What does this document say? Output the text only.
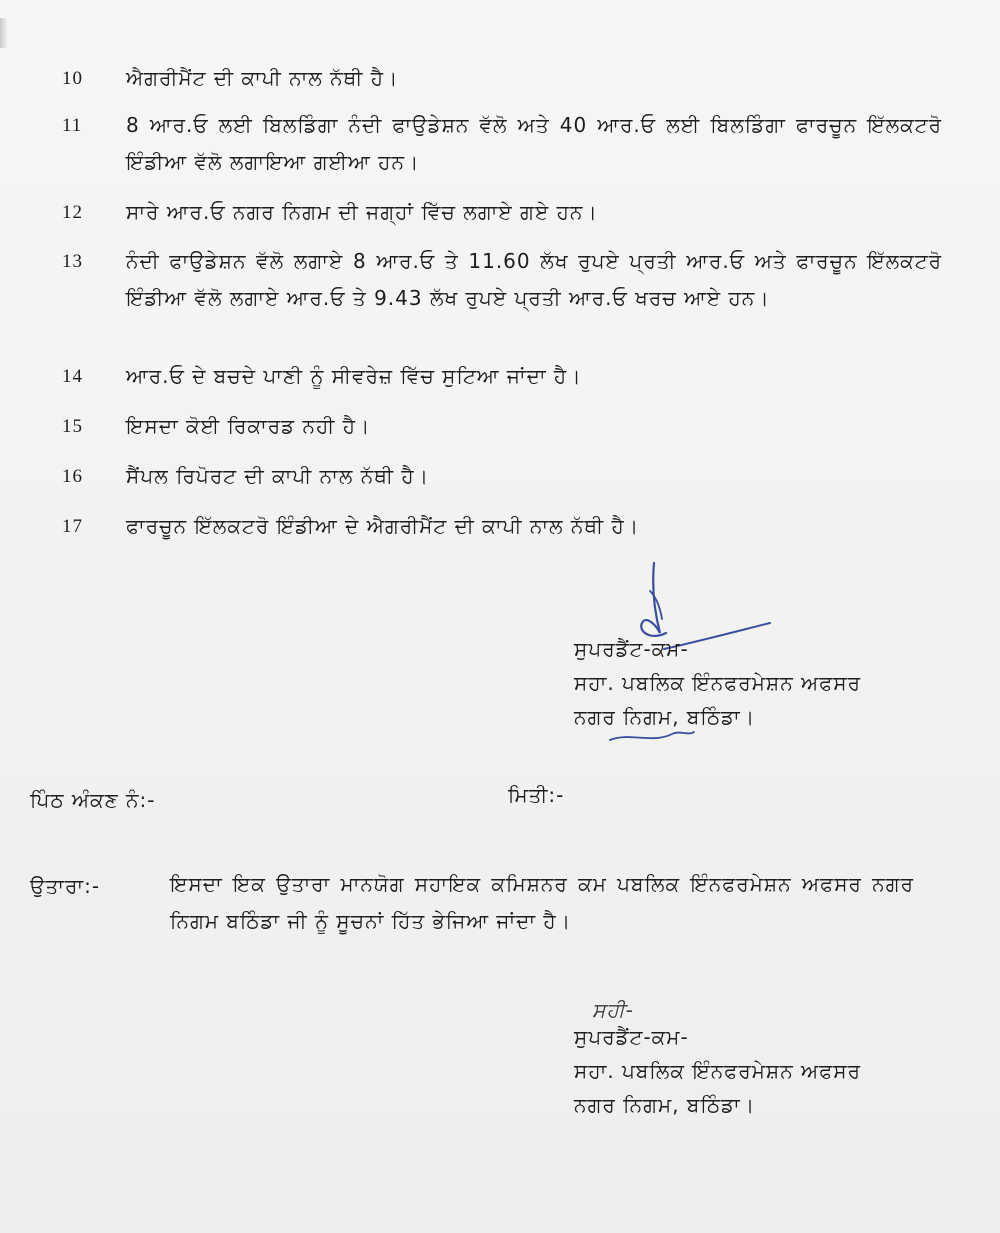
10	ਐਗਰੀਮੈਂਟ ਦੀ ਕਾਪੀ ਨਾਲ ਨੱਥੀ ਹੈ।
11	8 ਆਰ.ਓ ਲਈ ਬਿਲਡਿੰਗਾ ਨੰਦੀ ਫਾਉਡੇਸ਼ਨ ਵੱਲੋ ਅਤੇ 40 ਆਰ.ਓ ਲਈ ਬਿਲਡਿੰਗਾ ਫਾਰਚੂਨ ਇੱਲਕਟਰੋ ਇੰਡੀਆ ਵੱਲੋ ਲਗਾਇਆ ਗਈਆ ਹਨ।
12	ਸਾਰੇ ਆਰ.ਓ ਨਗਰ ਨਿਗਮ ਦੀ ਜਗ੍ਹਾਂ ਵਿੱਚ ਲਗਾਏ ਗਏ ਹਨ।
13	ਨੰਦੀ ਫਾਉਡੇਸ਼ਨ ਵੱਲੋ ਲਗਾਏ 8 ਆਰ.ਓ ਤੇ 11.60 ਲੱਖ ਰੁਪਏ ਪ੍ਰਤੀ ਆਰ.ਓ ਅਤੇ ਫਾਰਚੂਨ ਇੱਲਕਟਰੋ ਇੰਡੀਆ ਵੱਲੋ ਲਗਾਏ ਆਰ.ਓ ਤੇ 9.43 ਲੱਖ ਰੁਪਏ ਪ੍ਰਤੀ ਆਰ.ਓ ਖਰਚ ਆਏ ਹਨ।
14	ਆਰ.ਓ ਦੇ ਬਚਦੇ ਪਾਣੀ ਨੂੰ ਸੀਵਰੇਜ਼ ਵਿੱਚ ਸੁਟਿਆ ਜਾਂਦਾ ਹੈ।
15	ਇਸਦਾ ਕੋਈ ਰਿਕਾਰਡ ਨਹੀ ਹੈ।
16	ਸੈਂਪਲ ਰਿਪੋਰਟ ਦੀ ਕਾਪੀ ਨਾਲ ਨੱਥੀ ਹੈ।
17	ਫਾਰਚੂਨ ਇੱਲਕਟਰੋ ਇੰਡੀਆ ਦੇ ਐਗਰੀਮੈਂਟ ਦੀ ਕਾਪੀ ਨਾਲ ਨੱਥੀ ਹੈ।
ਸੁਪਰਡੈਂਟ-ਕਮ-
ਸਹਾ. ਪਬਲਿਕ ਇੰਨਫਰਮੇਸ਼ਨ ਅਫਸਰ
ਨਗਰ ਨਿਗਮ, ਬਠਿੰਡਾ।
ਪਿੰਠ ਅੰਕਣ ਨੰ:-	ਮਿਤੀ:-
ਉਤਾਰਾ:-	ਇਸਦਾ ਇਕ ਉਤਾਰਾ ਮਾਨਯੋਗ ਸਹਾਇਕ ਕਮਿਸ਼ਨਰ ਕਮ ਪਬਲਿਕ ਇੰਨਫਰਮੇਸ਼ਨ ਅਫਸਰ ਨਗਰ ਨਿਗਮ ਬਠਿੰਡਾ ਜੀ ਨੂੰ ਸੂਚਨਾਂ ਹਿੱਤ ਭੇਜਿਆ ਜਾਂਦਾ ਹੈ।
ਸਹੀ-
ਸੁਪਰਡੈਂਟ-ਕਮ-
ਸਹਾ. ਪਬਲਿਕ ਇੰਨਫਰਮੇਸ਼ਨ ਅਫਸਰ
ਨਗਰ ਨਿਗਮ, ਬਠਿੰਡਾ।
